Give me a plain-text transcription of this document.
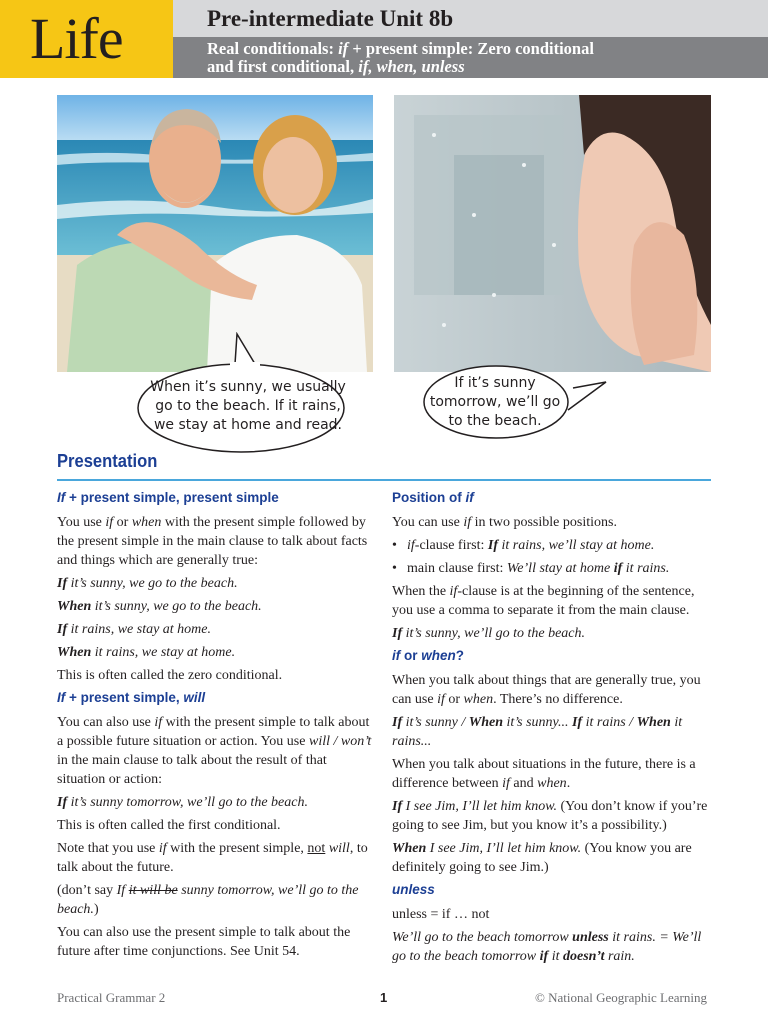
Life	Pre-intermediate Unit 8b
Real conditionals: if + present simple: Zero conditional
and first conditional, if, when, unless
When it’s sunny, we usually
go to the beach. If it rains,
we stay at home and read.
If it’s sunny
tomorrow, we’ll go
to the beach.
Presentation
If + present simple, present simple

You use if or when with the present simple followed by the present simple in the main clause to talk about facts and things which are generally true:

If it’s sunny, we go to the beach.

When it’s sunny, we go to the beach.

If it rains, we stay at home.

When it rains, we stay at home.

This is often called the zero conditional.

If + present simple, will

You can also use if with the present simple to talk about a possible future situation or action. You use will / won’t in the main clause to talk about the result of that situation or action:

If it’s sunny tomorrow, we’ll go to the beach.

This is often called the first conditional.

Note that you use if with the present simple, not will, to talk about the future.

(don’t say If it will be sunny tomorrow, we’ll go to the beach.)

You can also use the present simple to talk about the future after time conjunctions. See Unit 54.

Position of if

You can use if in two possible positions.

• if-clause first: If it rains, we’ll stay at home.
• main clause first: We’ll stay at home if it rains.

When the if-clause is at the beginning of the sentence, you use a comma to separate it from the main clause.

If it’s sunny, we’ll go to the beach.

if or when?

When you talk about things that are generally true, you can use if or when. There’s no difference.

If it’s sunny / When it’s sunny... If it rains / When it rains...

When you talk about situations in the future, there is a difference between if and when.

If I see Jim, I’ll let him know. (You don’t know if you’re going to see Jim, but you know it’s a possibility.)

When I see Jim, I’ll let him know. (You know you are definitely going to see Jim.)

unless

unless = if … not

We’ll go to the beach tomorrow unless it rains. = We’ll go to the beach tomorrow if it doesn’t rain.

Practical Grammar 2	1	© National Geographic Learning
